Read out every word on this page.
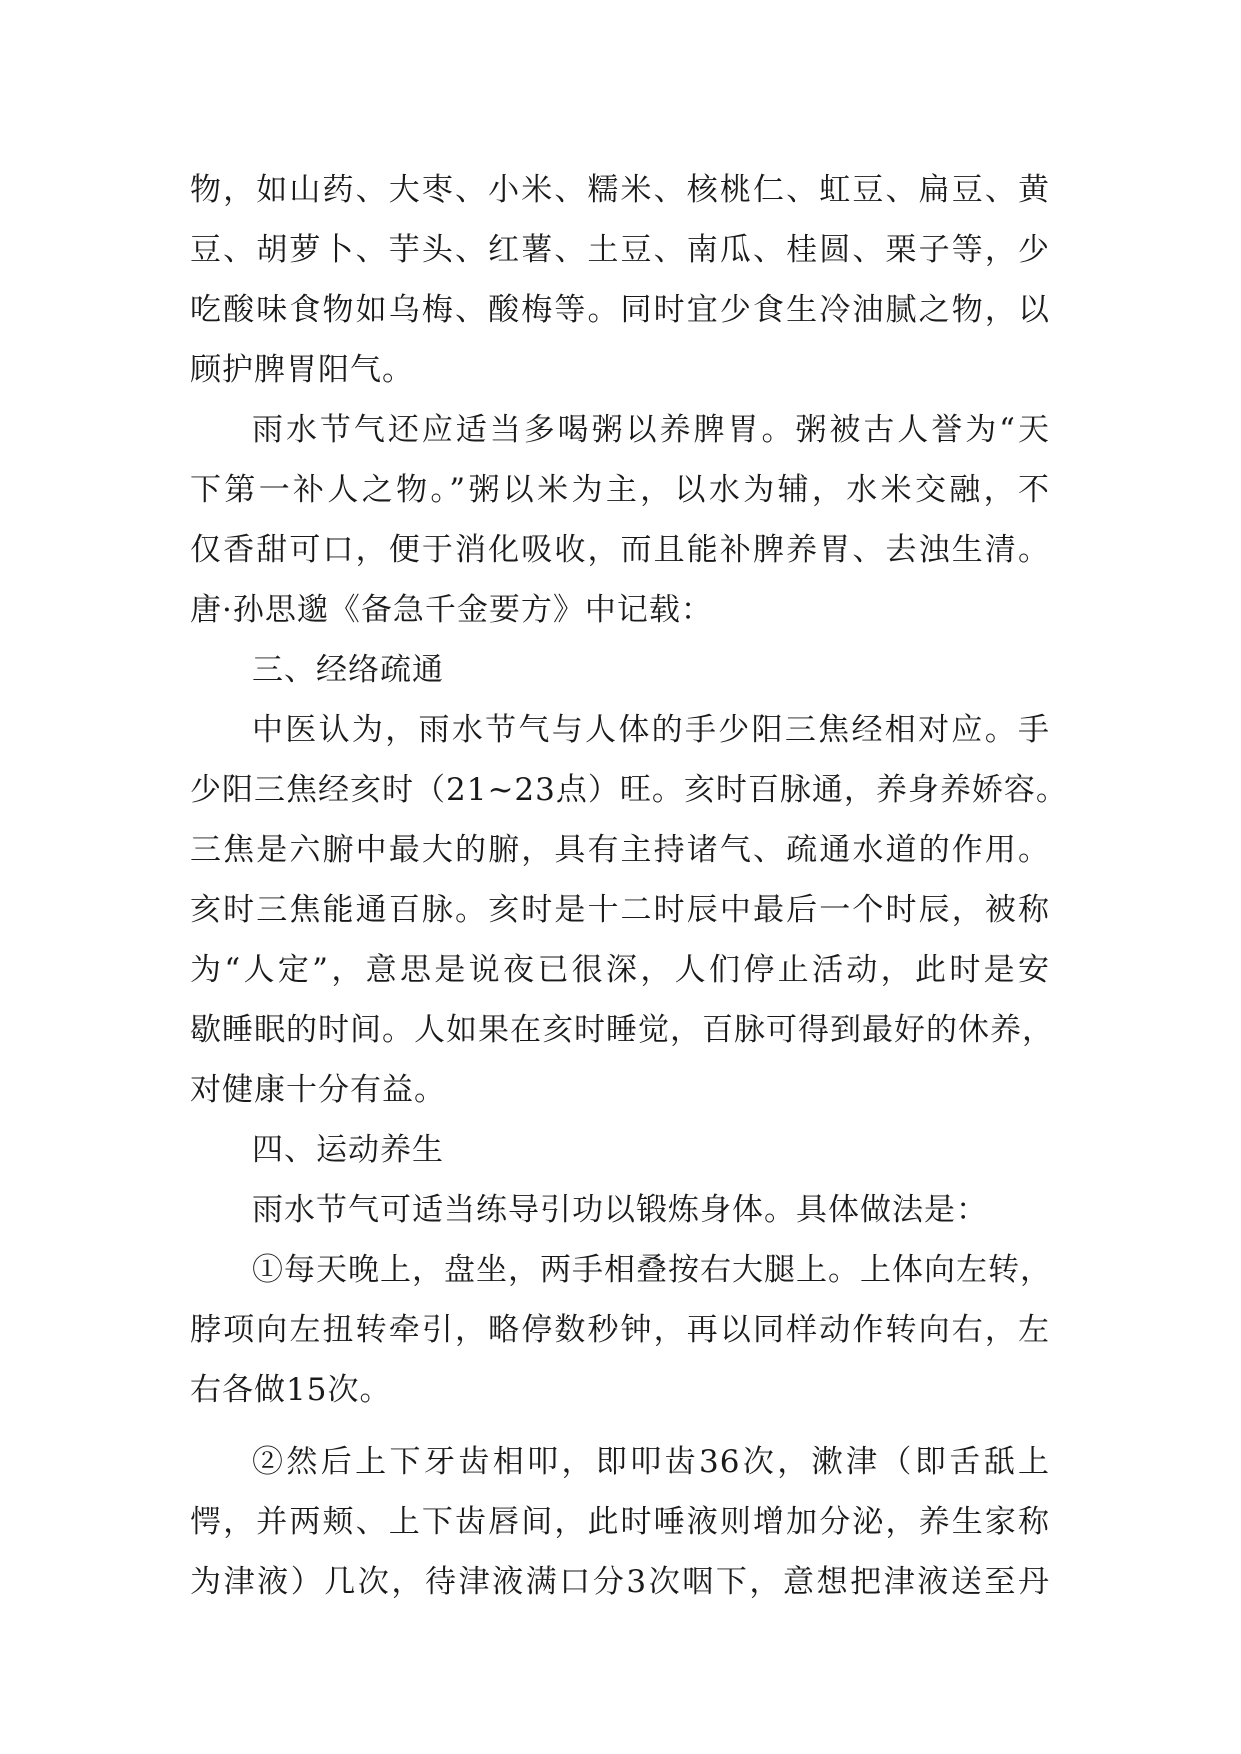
物，如山药、大枣、小米、糯米、核桃仁、虹豆、扁豆、黄
豆、胡萝卜、芋头、红薯、土豆、南瓜、桂圆、栗子等，少
吃酸味食物如乌梅、酸梅等。同时宜少食生冷油腻之物，以
顾护脾胃阳气。
雨水节气还应适当多喝粥以养脾胃。粥被古人誉为“天
下第一补人之物。”粥以米为主，以水为辅，水米交融，不
仅香甜可口，便于消化吸收，而且能补脾养胃、去浊生清。
唐·孙思邈《备急千金要方》中记载：
三、经络疏通
中医认为，雨水节气与人体的手少阳三焦经相对应。手
少阳三焦经亥时（21~23点）旺。亥时百脉通，养身养娇容。
三焦是六腑中最大的腑，具有主持诸气、疏通水道的作用。
亥时三焦能通百脉。亥时是十二时辰中最后一个时辰，被称
为“人定”，意思是说夜已很深，人们停止活动，此时是安
歇睡眠的时间。人如果在亥时睡觉，百脉可得到最好的休养，
对健康十分有益。
四、运动养生
雨水节气可适当练导引功以锻炼身体。具体做法是：
①每天晚上，盘坐，两手相叠按右大腿上。上体向左转，
脖项向左扭转牵引，略停数秒钟，再以同样动作转向右，左
右各做15次。
②然后上下牙齿相叩，即叩齿36次，漱津（即舌舐上
愕，并两颊、上下齿唇间，此时唾液则增加分泌，养生家称
为津液）几次，待津液满口分3次咽下，意想把津液送至丹
